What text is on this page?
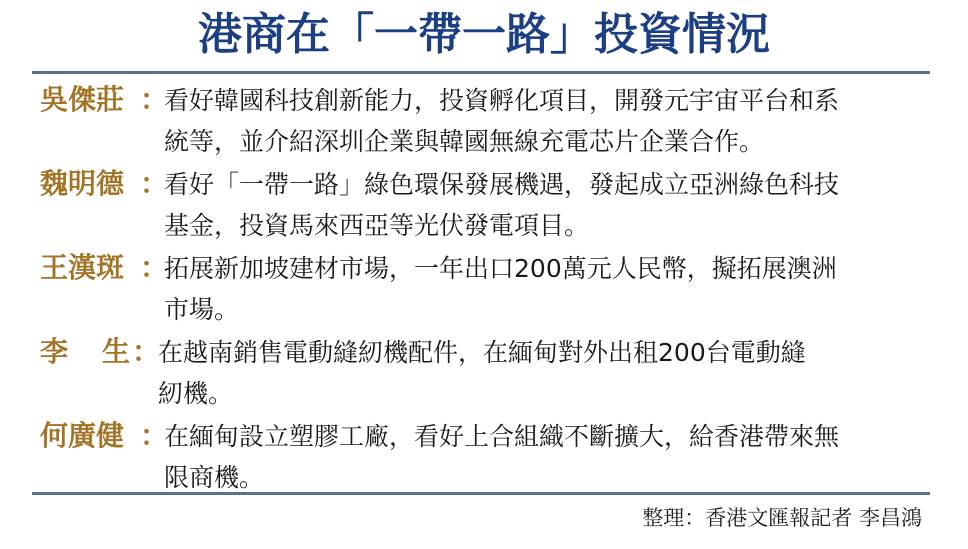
港商在「一帶一路」投資情況
吳傑莊 ：
看好韓國科技創新能力，投資孵化項目，開發元宇宙平台和系
統等，並介紹深圳企業與韓國無線充電芯片企業合作。
魏明德 ：
看好「一帶一路」綠色環保發展機遇，發起成立亞洲綠色科技
基金，投資馬來西亞等光伏發電項目。
王漢斑 ：
拓展新加坡建材市場，一年出口200萬元人民幣，擬拓展澳洲
市場。
李 生 ：
在越南銷售電動縫紉機配件，在緬甸對外出租200台電動縫
紉機。
何廣健 ：
在緬甸設立塑膠工廠，看好上合組織不斷擴大，給香港帶來無
限商機。
整理：香港文匯報記者 李昌鴻
